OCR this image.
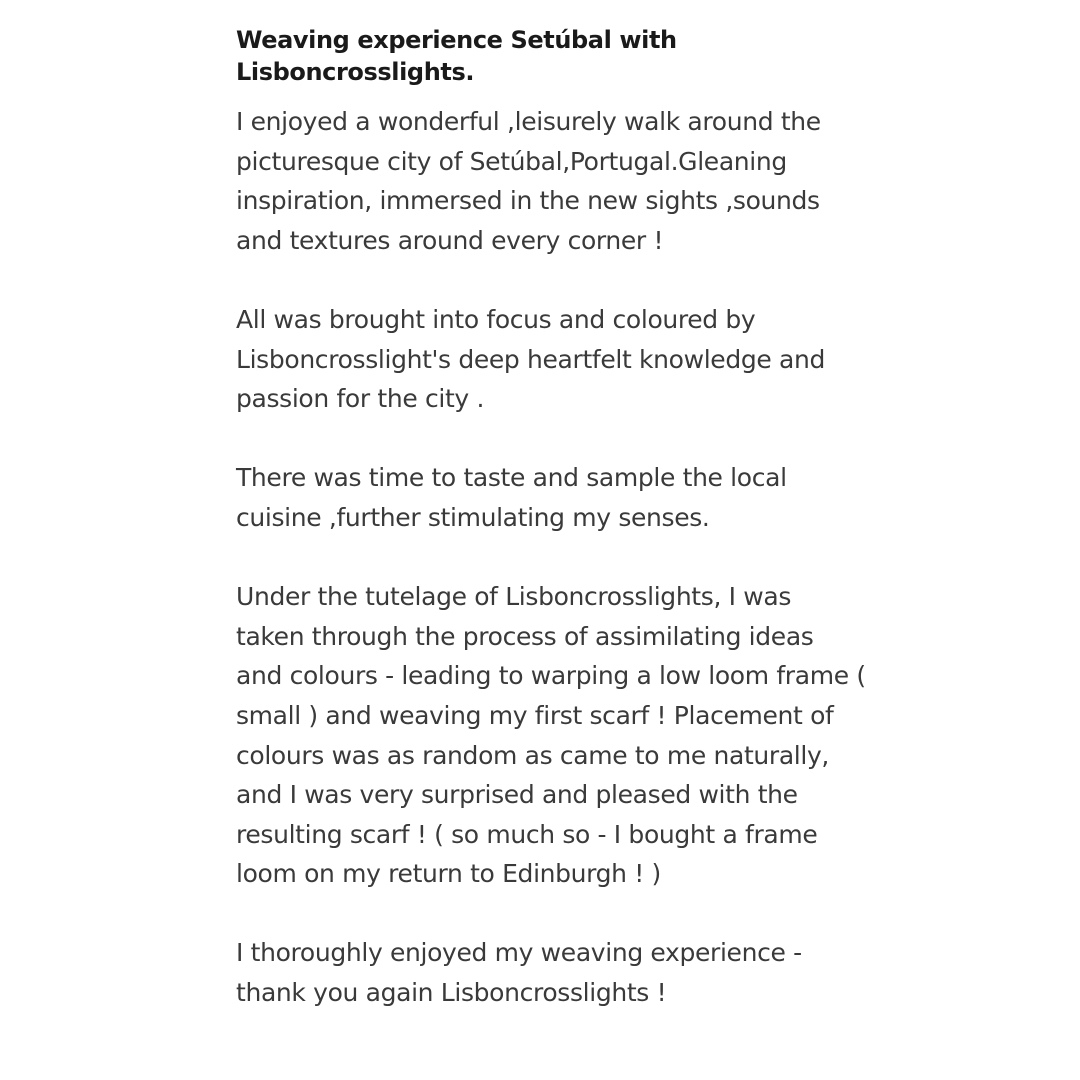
Weaving experience Setúbal with Lisboncrosslights.
I enjoyed a wonderful ,leisurely walk around the picturesque city of Setúbal,Portugal.Gleaning inspiration, immersed in the new sights ,sounds and textures around every corner !

All was brought into focus and coloured by Lisboncrosslight's deep heartfelt knowledge and passion for the city .

There was time to taste and sample the local cuisine ,further stimulating my senses.

Under the tutelage of Lisboncrosslights, I was taken through the process of assimilating ideas and colours - leading to warping a low loom frame ( small ) and weaving my first scarf ! Placement of colours was as random as came to me naturally, and I was very surprised and pleased with the resulting scarf ! ( so much so - I bought a frame loom on my return to Edinburgh ! )

I thoroughly enjoyed my weaving experience - thank you again Lisboncrosslights !
